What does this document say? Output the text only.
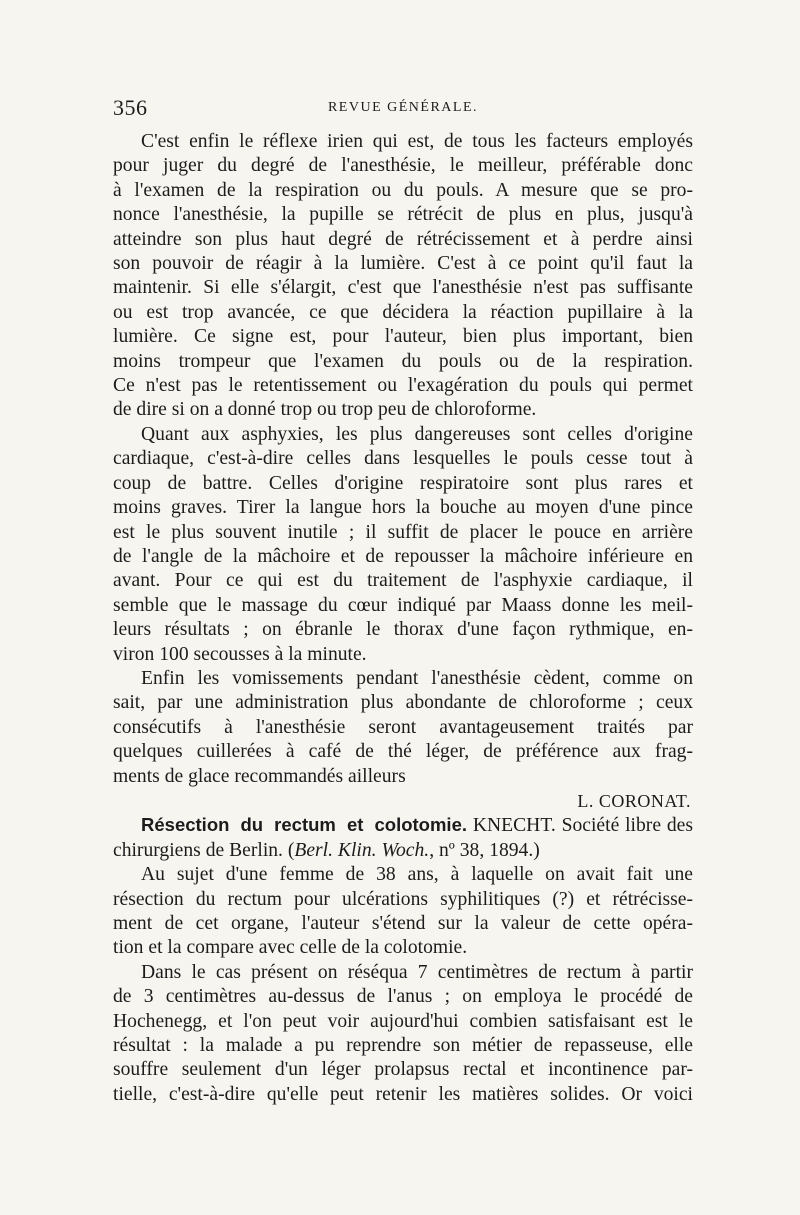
356	REVUE GÉNÉRALE.

C'est enfin le réflexe irien qui est, de tous les facteurs employés

pour juger du degré de l'anesthésie, le meilleur, préférable donc

à l'examen de la respiration ou du pouls. A mesure que se pro-

nonce l'anesthésie, la pupille se rétrécit de plus en plus, jusqu'à

atteindre son plus haut degré de rétrécissement et à perdre ainsi

son pouvoir de réagir à la lumière. C'est à ce point qu'il faut la

maintenir. Si elle s'élargit, c'est que l'anesthésie n'est pas suffisante

ou est trop avancée, ce que décidera la réaction pupillaire à la

lumière. Ce signe est, pour l'auteur, bien plus important, bien

moins trompeur que l'examen du pouls ou de la respiration.

Ce n'est pas le retentissement ou l'exagération du pouls qui permet

de dire si on a donné trop ou trop peu de chloroforme.

Quant aux asphyxies, les plus dangereuses sont celles d'origine

cardiaque, c'est-à-dire celles dans lesquelles le pouls cesse tout à

coup de battre. Celles d'origine respiratoire sont plus rares et

moins graves. Tirer la langue hors la bouche au moyen d'une pince

est le plus souvent inutile ; il suffit de placer le pouce en arrière

de l'angle de la mâchoire et de repousser la mâchoire inférieure en

avant. Pour ce qui est du traitement de l'asphyxie cardiaque, il

semble que le massage du cœur indiqué par Maass donne les meil-

leurs résultats ; on ébranle le thorax d'une façon rythmique, en-

viron 100 secousses à la minute.

Enfin les vomissements pendant l'anesthésie cèdent, comme on

sait, par une administration plus abondante de chloroforme ; ceux

consécutifs à l'anesthésie seront avantageusement traités par

quelques cuillerées à café de thé léger, de préférence aux frag-

ments de glace recommandés ailleurs

L. CORONAT.

Résection du rectum et colotomie. KNECHT. Société libre des

chirurgiens de Berlin. (Berl. Klin. Woch., nº 38, 1894.)

Au sujet d'une femme de 38 ans, à laquelle on avait fait une

résection du rectum pour ulcérations syphilitiques (?) et rétrécisse-

ment de cet organe, l'auteur s'étend sur la valeur de cette opéra-

tion et la compare avec celle de la colotomie.

Dans le cas présent on réséqua 7 centimètres de rectum à partir

de 3 centimètres au-dessus de l'anus ; on employa le procédé de

Hochenegg, et l'on peut voir aujourd'hui combien satisfaisant est le

résultat : la malade a pu reprendre son métier de repasseuse, elle

souffre seulement d'un léger prolapsus rectal et incontinence par-

tielle, c'est-à-dire qu'elle peut retenir les matières solides. Or voici
